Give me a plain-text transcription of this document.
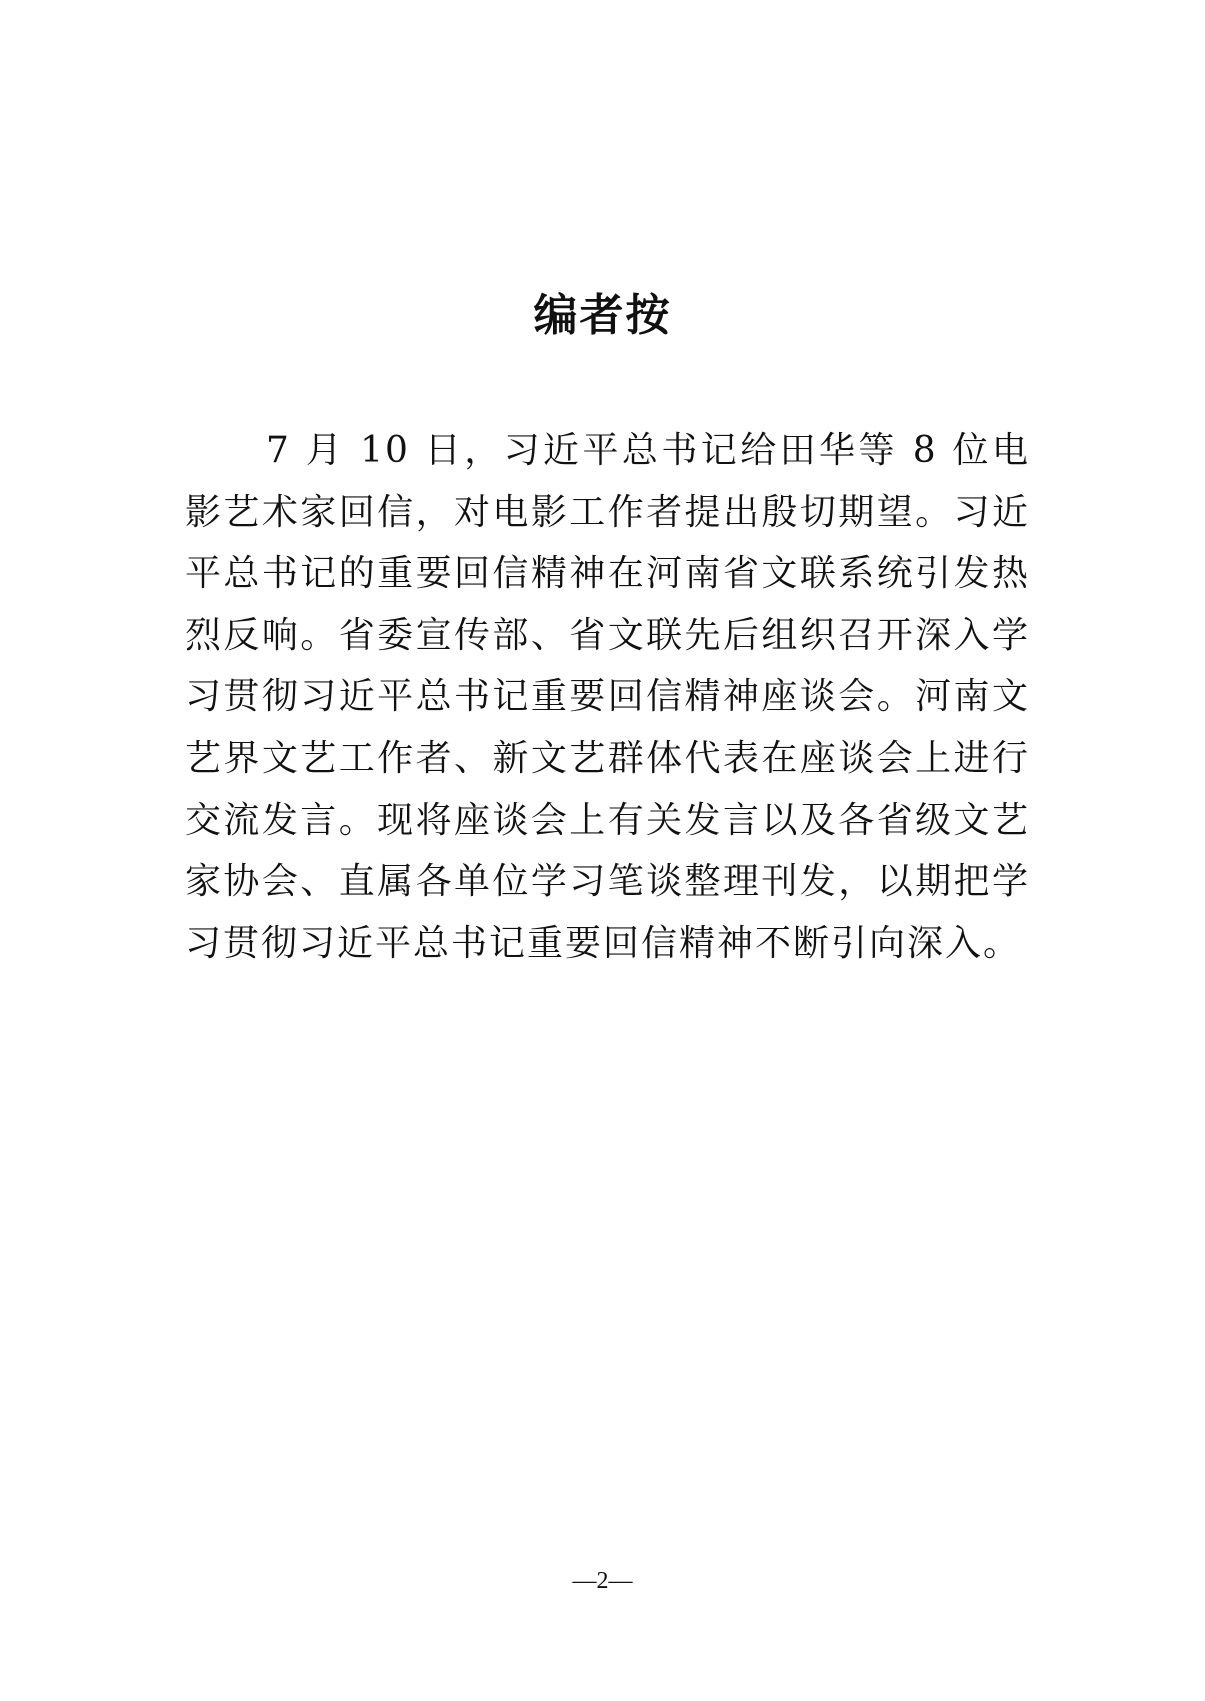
编者按

7 月 10 日，习近平总书记给田华等 8 位电影艺术家回信，对电影工作者提出殷切期望。习近平总书记的重要回信精神在河南省文联系统引发热烈反响。省委宣传部、省文联先后组织召开深入学习贯彻习近平总书记重要回信精神座谈会。河南文艺界文艺工作者、新文艺群体代表在座谈会上进行交流发言。现将座谈会上有关发言以及各省级文艺家协会、直属各单位学习笔谈整理刊发，以期把学习贯彻习近平总书记重要回信精神不断引向深入。

—2—
